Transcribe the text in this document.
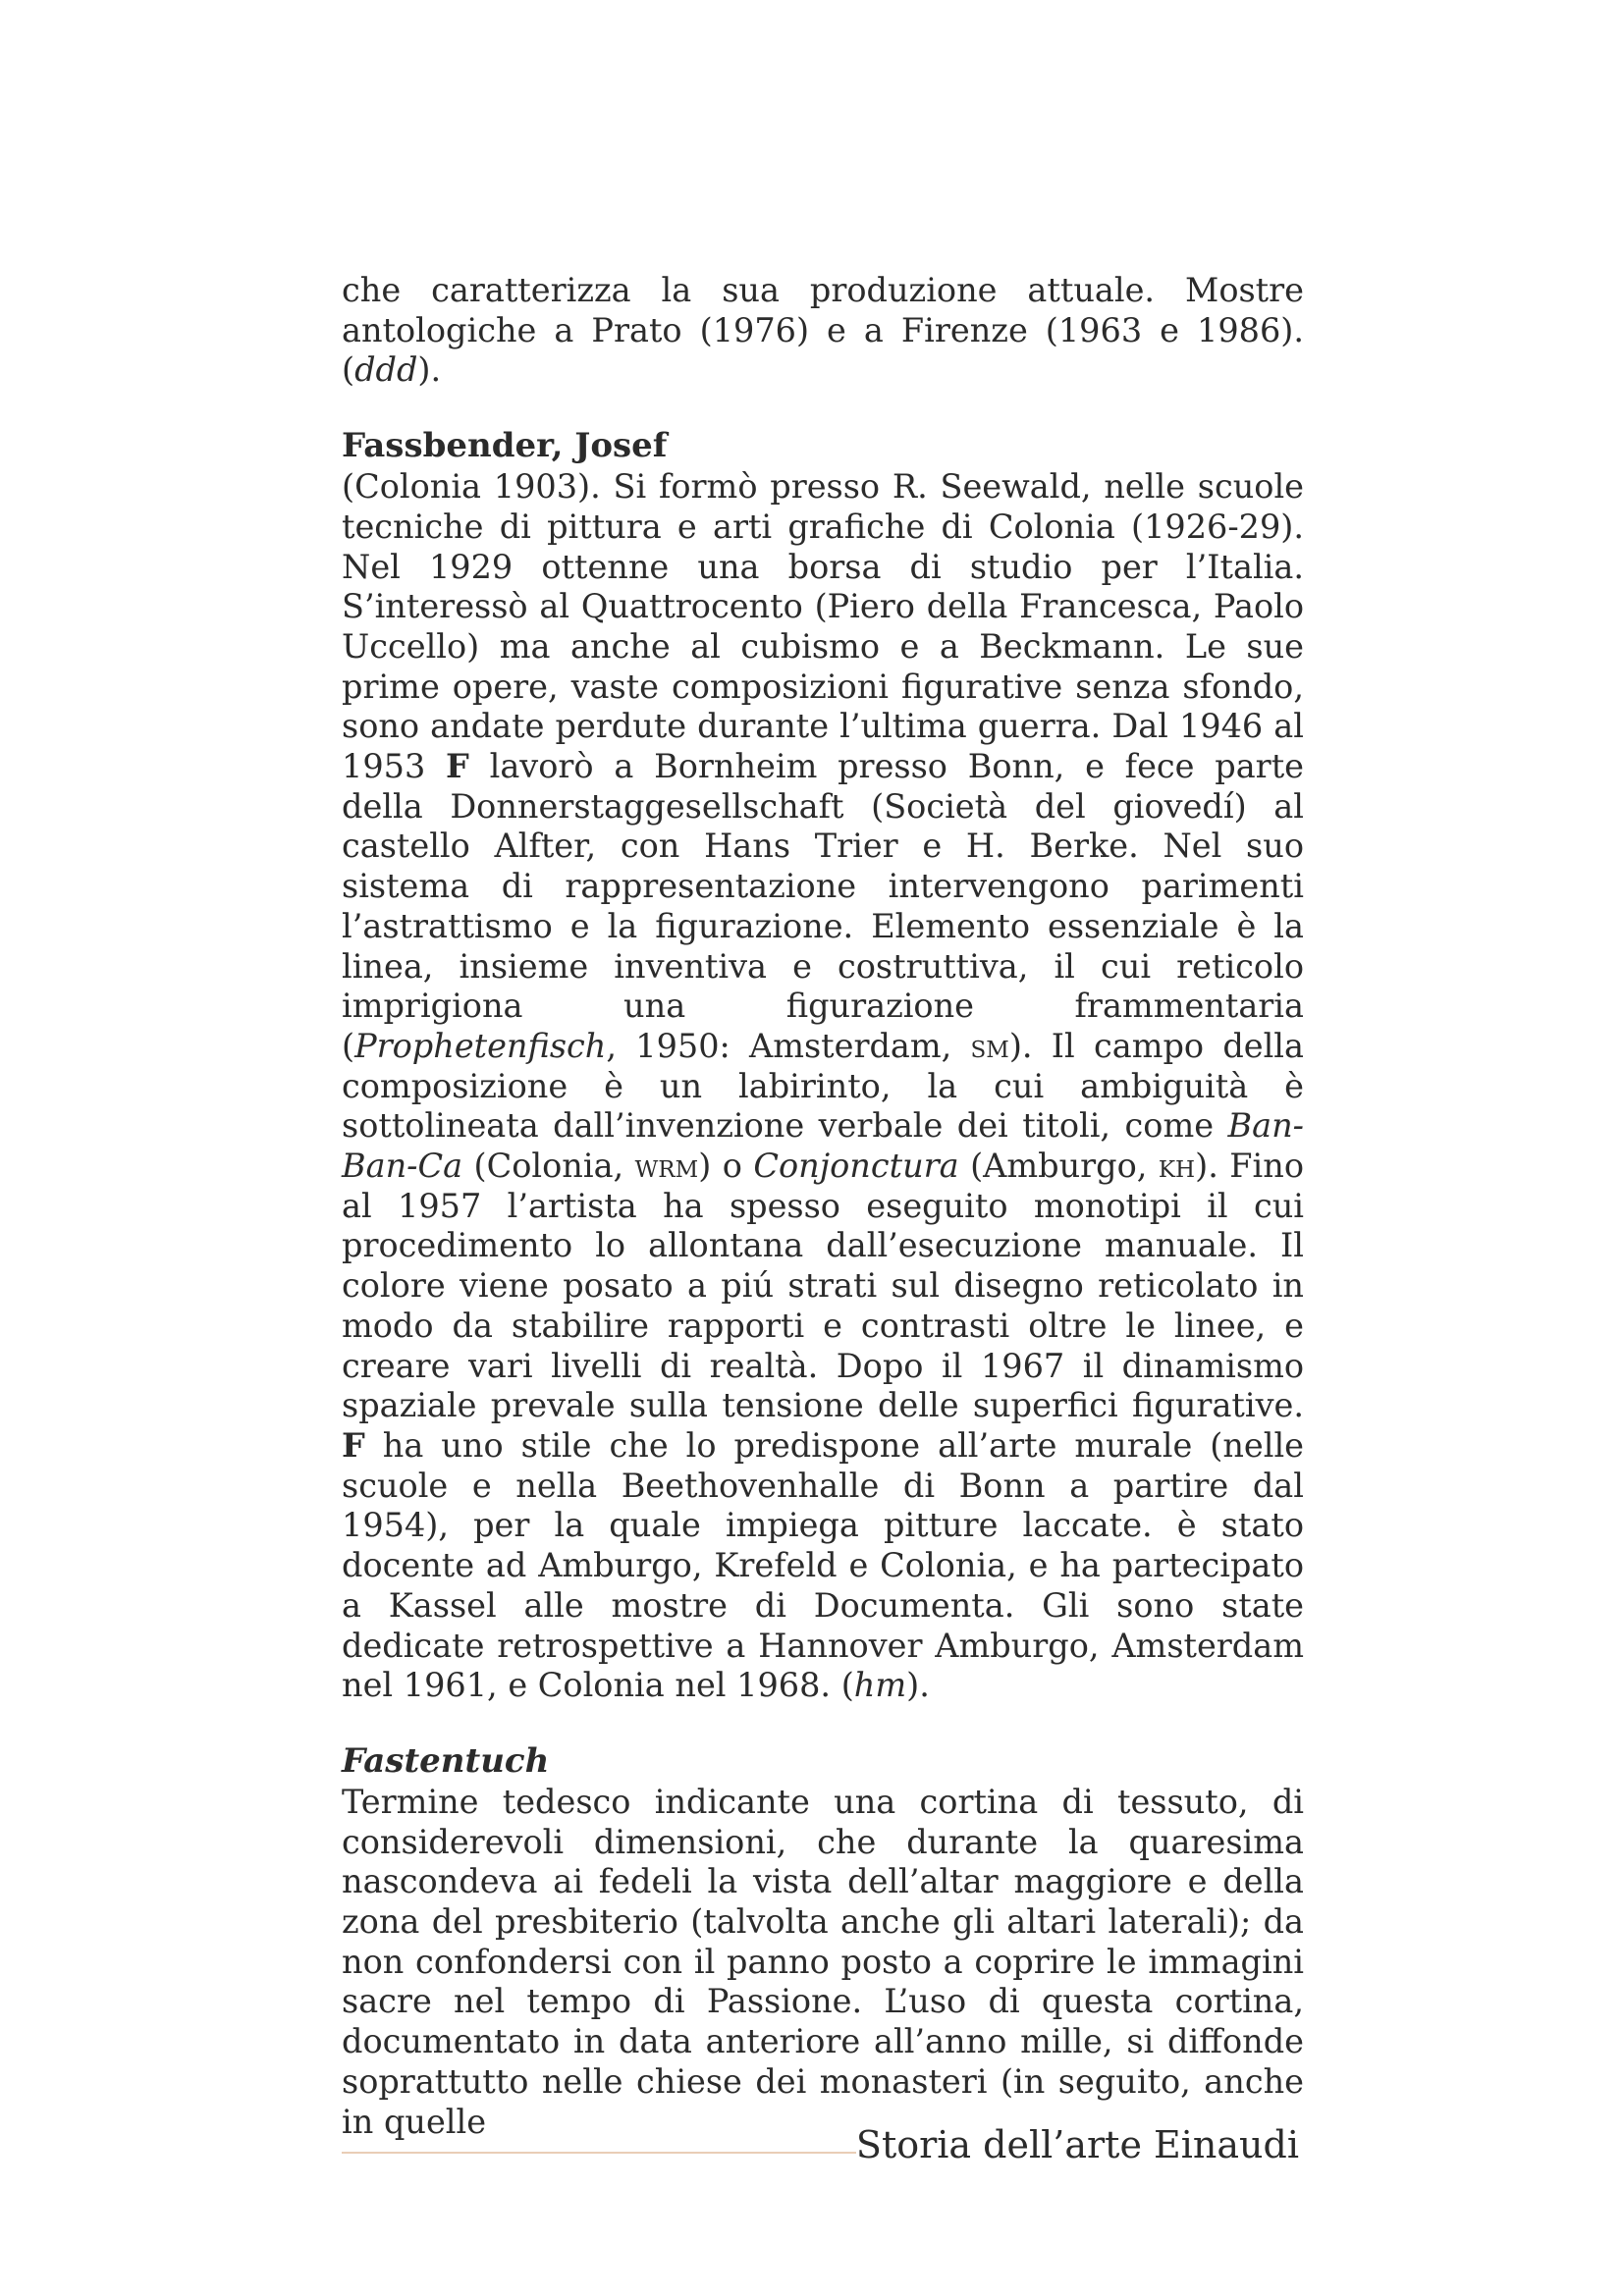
che caratterizza la sua produzione attuale. Mostre antologiche a Prato (1976) e a Firenze (1963 e 1986). (ddd).

Fassbender, Josef

(Colonia 1903). Si formò presso R. Seewald, nelle scuole tecniche di pittura e arti grafiche di Colonia (1926-29). Nel 1929 ottenne una borsa di studio per l’Italia. S’interessò al Quattrocento (Piero della Francesca, Paolo Uccello) ma anche al cubismo e a Beckmann. Le sue prime opere, vaste composizioni figurative senza sfondo, sono andate perdute durante l’ultima guerra. Dal 1946 al 1953 F lavorò a Bornheim presso Bonn, e fece parte della Donnerstaggesellschaft (Società del giovedí) al castello Alfter, con Hans Trier e H. Berke. Nel suo sistema di rappresentazione intervengono parimenti l’astrattismo e la figurazione. Elemento essenziale è la linea, insieme inventiva e costruttiva, il cui reticolo imprigiona una figurazione frammentaria (Prophetenfisch, 1950: Amsterdam, sm). Il campo della composizione è un labirinto, la cui ambiguità è sottolineata dall’invenzione verbale dei titoli, come Ban-Ban-Ca (Colonia, wrm) o Conjonctura (Amburgo, kh). Fino al 1957 l’artista ha spesso eseguito monotipi il cui procedimento lo allontana dall’esecuzione manuale. Il colore viene posato a piú strati sul disegno reticolato in modo da stabilire rapporti e contrasti oltre le linee, e creare vari livelli di realtà. Dopo il 1967 il dinamismo spaziale prevale sulla tensione delle superfici figurative. F ha uno stile che lo predispone all’arte murale (nelle scuole e nella Beethovenhalle di Bonn a partire dal 1954), per la quale impiega pitture laccate. è stato docente ad Amburgo, Krefeld e Colonia, e ha partecipato a Kassel alle mostre di Documenta. Gli sono state dedicate retrospettive a Hannover Amburgo, Amsterdam nel 1961, e Colonia nel 1968. (hm).

Fastentuch

Termine tedesco indicante una cortina di tessuto, di considerevoli dimensioni, che durante la quaresima nascondeva ai fedeli la vista dell’altar maggiore e della zona del presbiterio (talvolta anche gli altari laterali); da non confondersi con il panno posto a coprire le immagini sacre nel tempo di Passione. L’uso di questa cortina, documentato in data anteriore all’anno mille, si diffonde soprattutto nelle chiese dei monasteri (in seguito, anche in quelle

Storia dell’arte Einaudi
